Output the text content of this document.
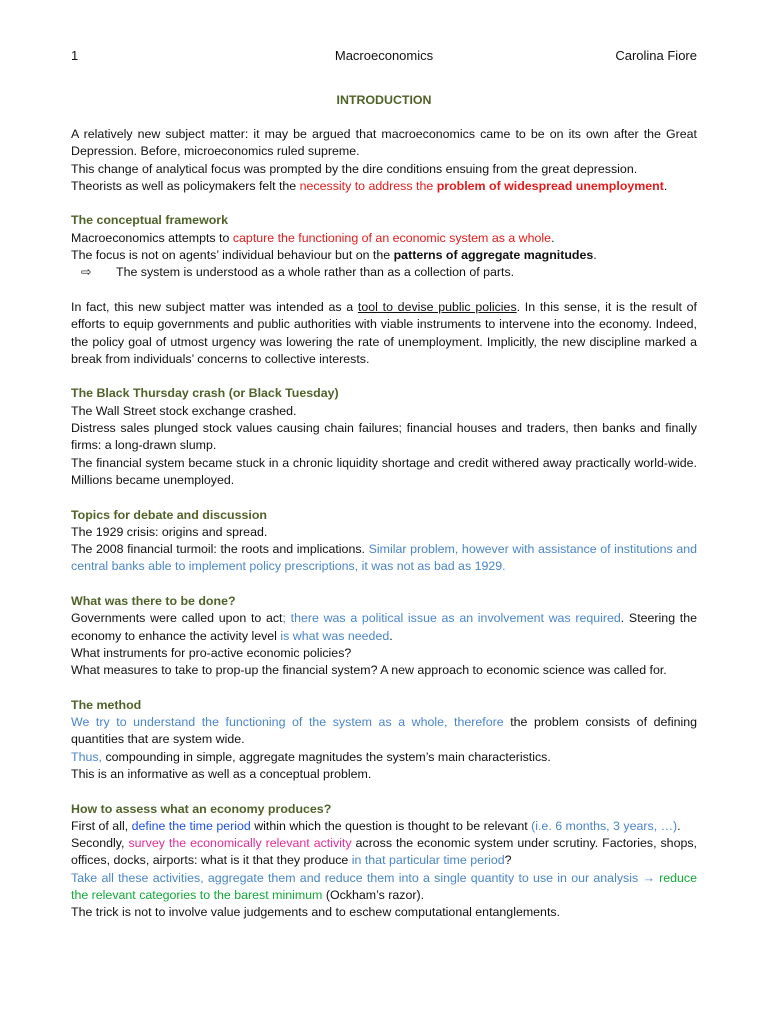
Macroeconomics
1	Carolina Fiore
INTRODUCTION
A relatively new subject matter: it may be argued that macroeconomics came to be on its own after the Great Depression. Before, microeconomics ruled supreme.
This change of analytical focus was prompted by the dire conditions ensuing from the great depression.
Theorists as well as policymakers felt the necessity to address the problem of widespread unemployment.
The conceptual framework
Macroeconomics attempts to capture the functioning of an economic system as a whole.
The focus is not on agents’ individual behaviour but on the patterns of aggregate magnitudes.
⇨ The system is understood as a whole rather than as a collection of parts.
In fact, this new subject matter was intended as a tool to devise public policies. In this sense, it is the result of efforts to equip governments and public authorities with viable instruments to intervene into the economy. Indeed, the policy goal of utmost urgency was lowering the rate of unemployment. Implicitly, the new discipline marked a break from individuals’ concerns to collective interests.
The Black Thursday crash (or Black Tuesday)
The Wall Street stock exchange crashed.
Distress sales plunged stock values causing chain failures; financial houses and traders, then banks and finally firms: a long-drawn slump.
The financial system became stuck in a chronic liquidity shortage and credit withered away practically world-wide. Millions became unemployed.
Topics for debate and discussion
The 1929 crisis: origins and spread.
The 2008 financial turmoil: the roots and implications. Similar problem, however with assistance of institutions and central banks able to implement policy prescriptions, it was not as bad as 1929.
What was there to be done?
Governments were called upon to act; there was a political issue as an involvement was required. Steering the economy to enhance the activity level is what was needed.
What instruments for pro-active economic policies?
What measures to take to prop-up the financial system? A new approach to economic science was called for.
The method
We try to understand the functioning of the system as a whole, therefore the problem consists of defining quantities that are system wide.
Thus, compounding in simple, aggregate magnitudes the system’s main characteristics.
This is an informative as well as a conceptual problem.
How to assess what an economy produces?
First of all, define the time period within which the question is thought to be relevant (i.e. 6 months, 3 years, …).
Secondly, survey the economically relevant activity across the economic system under scrutiny. Factories, shops, offices, docks, airports: what is it that they produce in that particular time period?
Take all these activities, aggregate them and reduce them into a single quantity to use in our analysis → reduce the relevant categories to the barest minimum (Ockham’s razor).
The trick is not to involve value judgements and to eschew computational entanglements.
